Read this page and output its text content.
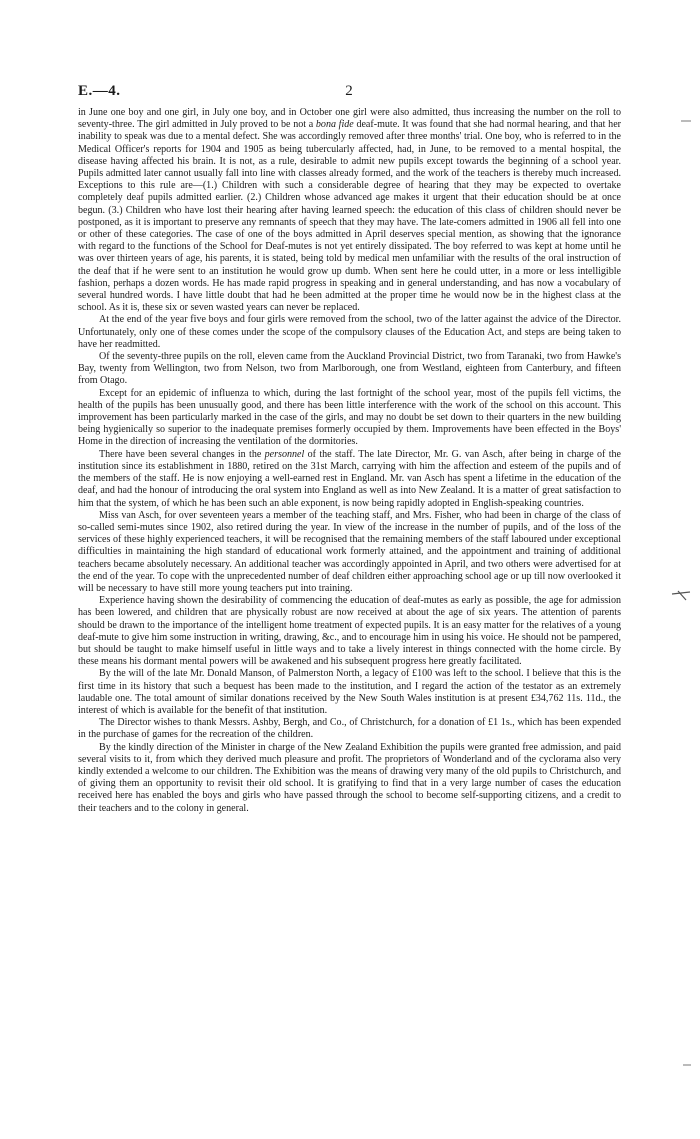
E.—4.	2

in June one boy and one girl, in July one boy, and in October one girl were also admitted, thus increasing the number on the roll to seventy-three. The girl admitted in July proved to be not a bona fide deaf-mute. It was found that she had normal hearing, and that her inability to speak was due to a mental defect. She was accordingly removed after three months' trial. One boy, who is referred to in the Medical Officer's reports for 1904 and 1905 as being tubercularly affected, had, in June, to be removed to a mental hospital, the disease having affected his brain. It is not, as a rule, desirable to admit new pupils except towards the beginning of a school year. Pupils admitted later cannot usually fall into line with classes already formed, and the work of the teachers is thereby much increased. Exceptions to this rule are—(1.) Children with such a considerable degree of hearing that they may be expected to overtake completely deaf pupils admitted earlier. (2.) Children whose advanced age makes it urgent that their education should be at once begun. (3.) Children who have lost their hearing after having learned speech: the education of this class of children should never be postponed, as it is important to preserve any remnants of speech that they may have. The late-comers admitted in 1906 all fell into one or other of these categories. The case of one of the boys admitted in April deserves special mention, as showing that the ignorance with regard to the functions of the School for Deaf-mutes is not yet entirely dissipated. The boy referred to was kept at home until he was over thirteen years of age, his parents, it is stated, being told by medical men unfamiliar with the results of the oral instruction of the deaf that if he were sent to an institution he would grow up dumb. When sent here he could utter, in a more or less intelligible fashion, perhaps a dozen words. He has made rapid progress in speaking and in general understanding, and has now a vocabulary of several hundred words. I have little doubt that had he been admitted at the proper time he would now be in the highest class at the school. As it is, these six or seven wasted years can never be replaced.

At the end of the year five boys and four girls were removed from the school, two of the latter against the advice of the Director. Unfortunately, only one of these comes under the scope of the compulsory clauses of the Education Act, and steps are being taken to have her readmitted.

Of the seventy-three pupils on the roll, eleven came from the Auckland Provincial District, two from Taranaki, two from Hawke's Bay, twenty from Wellington, two from Nelson, two from Marlborough, one from Westland, eighteen from Canterbury, and fifteen from Otago.

Except for an epidemic of influenza to which, during the last fortnight of the school year, most of the pupils fell victims, the health of the pupils has been unusually good, and there has been little interference with the work of the school on this account. This improvement has been particularly marked in the case of the girls, and may no doubt be set down to their quarters in the new building being hygienically so superior to the inadequate premises formerly occupied by them. Improvements have been effected in the Boys' Home in the direction of increasing the ventilation of the dormitories.

There have been several changes in the personnel of the staff. The late Director, Mr. G. van Asch, after being in charge of the institution since its establishment in 1880, retired on the 31st March, carrying with him the affection and esteem of the pupils and of the members of the staff. He is now enjoying a well-earned rest in England. Mr. van Asch has spent a lifetime in the education of the deaf, and had the honour of introducing the oral system into England as well as into New Zealand. It is a matter of great satisfaction to him that the system, of which he has been such an able exponent, is now being rapidly adopted in English-speaking countries.

Miss van Asch, for over seventeen years a member of the teaching staff, and Mrs. Fisher, who had been in charge of the class of so-called semi-mutes since 1902, also retired during the year. In view of the increase in the number of pupils, and of the loss of the services of these highly experienced teachers, it will be recognised that the remaining members of the staff laboured under exceptional difficulties in maintaining the high standard of educational work formerly attained, and the appointment and training of additional teachers became absolutely necessary. An additional teacher was accordingly appointed in April, and two others were advertised for at the end of the year. To cope with the unprecedented number of deaf children either approaching school age or up till now overlooked it will be necessary to have still more young teachers put into training.

Experience having shown the desirability of commencing the education of deaf-mutes as early as possible, the age for admission has been lowered, and children that are physically robust are now received at about the age of six years. The attention of parents should be drawn to the importance of the intelligent home treatment of expected pupils. It is an easy matter for the relatives of a young deaf-mute to give him some instruction in writing, drawing, &c., and to encourage him in using his voice. He should not be pampered, but should be taught to make himself useful in little ways and to take a lively interest in things connected with the home circle. By these means his dormant mental powers will be awakened and his subsequent progress here greatly facilitated.

By the will of the late Mr. Donald Manson, of Palmerston North, a legacy of £100 was left to the school. I believe that this is the first time in its history that such a bequest has been made to the institution, and I regard the action of the testator as an extremely laudable one. The total amount of similar donations received by the New South Wales institution is at present £34,762 11s. 11d., the interest of which is available for the benefit of that institution.

The Director wishes to thank Messrs. Ashby, Bergh, and Co., of Christchurch, for a donation of £1 1s., which has been expended in the purchase of games for the recreation of the children.

By the kindly direction of the Minister in charge of the New Zealand Exhibition the pupils were granted free admission, and paid several visits to it, from which they derived much pleasure and profit. The proprietors of Wonderland and of the cyclorama also very kindly extended a welcome to our children. The Exhibition was the means of drawing very many of the old pupils to Christchurch, and of giving them an opportunity to revisit their old school. It is gratifying to find that in a very large number of cases the education received here has enabled the boys and girls who have passed through the school to become self-supporting citizens, and a credit to their teachers and to the colony in general.
